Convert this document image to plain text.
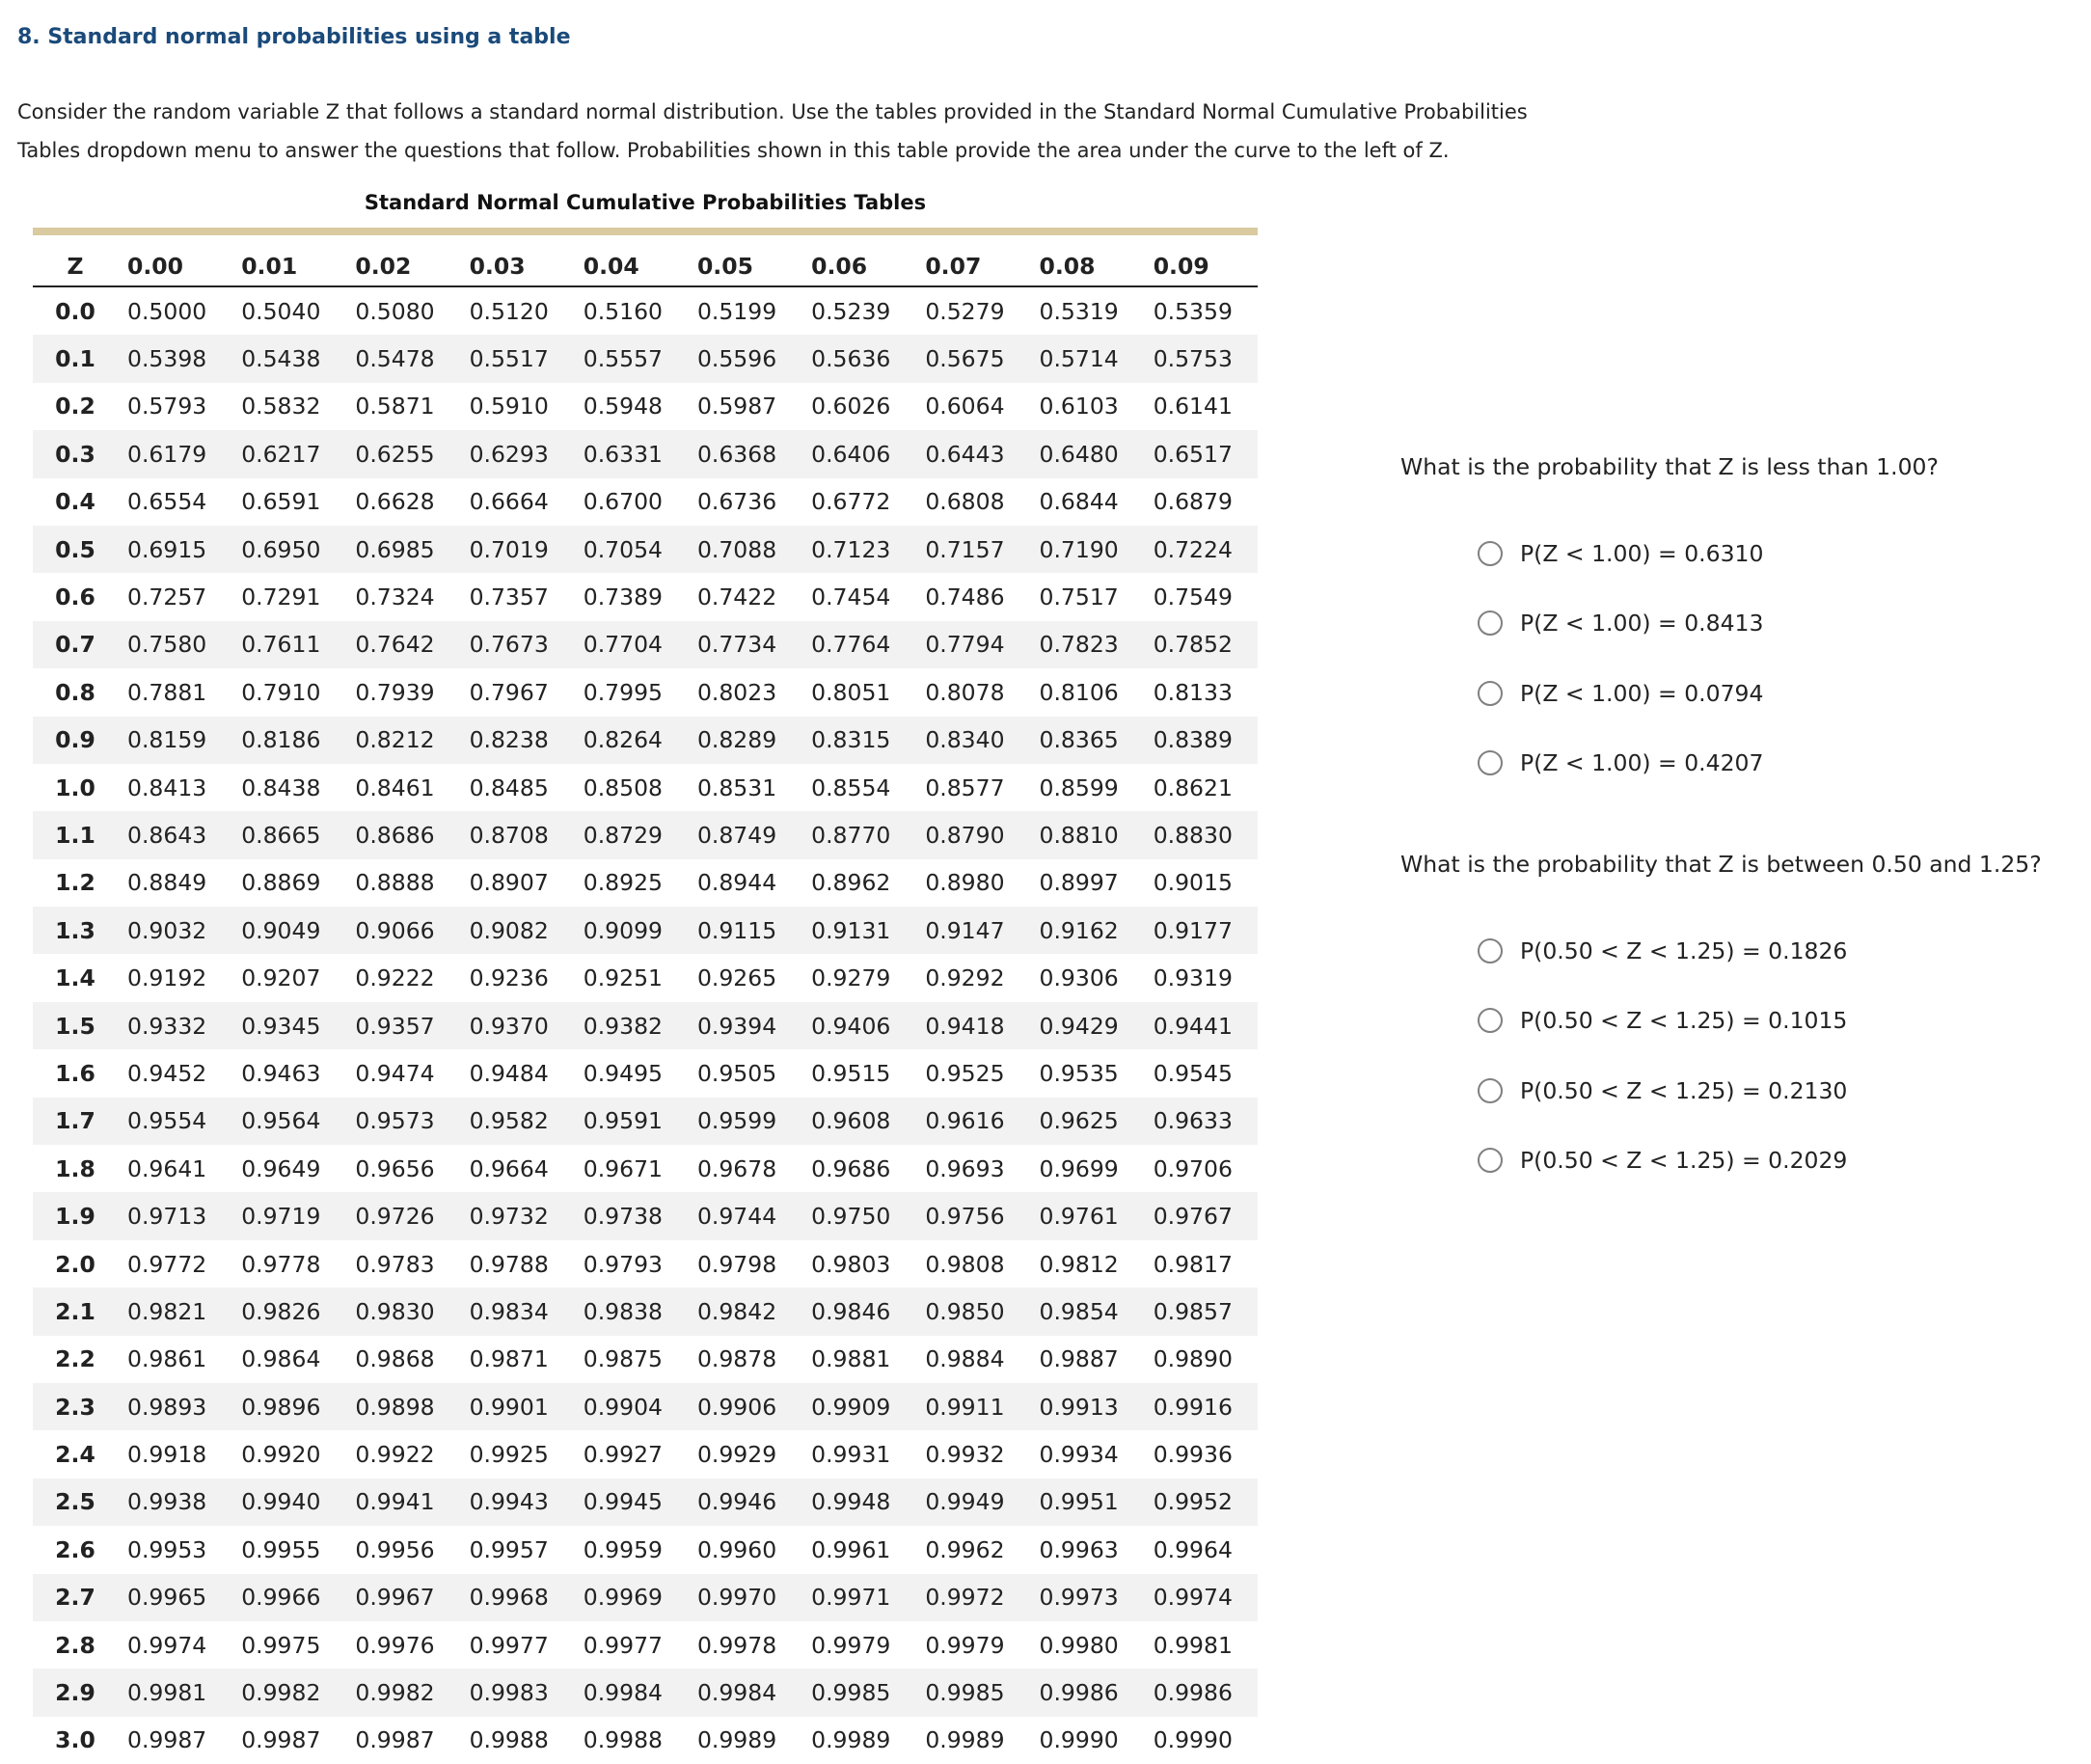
8. Standard normal probabilities using a table
Consider the random variable Z that follows a standard normal distribution. Use the tables provided in the Standard Normal Cumulative Probabilities
Tables dropdown menu to answer the questions that follow. Probabilities shown in this table provide the area under the curve to the left of Z.
Standard Normal Cumulative Probabilities Tables
Z	0.00	0.01	0.02	0.03	0.04	0.05	0.06	0.07	0.08	0.09
0.0	0.5000	0.5040	0.5080	0.5120	0.5160	0.5199	0.5239	0.5279	0.5319	0.5359
0.1	0.5398	0.5438	0.5478	0.5517	0.5557	0.5596	0.5636	0.5675	0.5714	0.5753
0.2	0.5793	0.5832	0.5871	0.5910	0.5948	0.5987	0.6026	0.6064	0.6103	0.6141
0.3	0.6179	0.6217	0.6255	0.6293	0.6331	0.6368	0.6406	0.6443	0.6480	0.6517
0.4	0.6554	0.6591	0.6628	0.6664	0.6700	0.6736	0.6772	0.6808	0.6844	0.6879
0.5	0.6915	0.6950	0.6985	0.7019	0.7054	0.7088	0.7123	0.7157	0.7190	0.7224
0.6	0.7257	0.7291	0.7324	0.7357	0.7389	0.7422	0.7454	0.7486	0.7517	0.7549
0.7	0.7580	0.7611	0.7642	0.7673	0.7704	0.7734	0.7764	0.7794	0.7823	0.7852
0.8	0.7881	0.7910	0.7939	0.7967	0.7995	0.8023	0.8051	0.8078	0.8106	0.8133
0.9	0.8159	0.8186	0.8212	0.8238	0.8264	0.8289	0.8315	0.8340	0.8365	0.8389
1.0	0.8413	0.8438	0.8461	0.8485	0.8508	0.8531	0.8554	0.8577	0.8599	0.8621
1.1	0.8643	0.8665	0.8686	0.8708	0.8729	0.8749	0.8770	0.8790	0.8810	0.8830
1.2	0.8849	0.8869	0.8888	0.8907	0.8925	0.8944	0.8962	0.8980	0.8997	0.9015
1.3	0.9032	0.9049	0.9066	0.9082	0.9099	0.9115	0.9131	0.9147	0.9162	0.9177
1.4	0.9192	0.9207	0.9222	0.9236	0.9251	0.9265	0.9279	0.9292	0.9306	0.9319
1.5	0.9332	0.9345	0.9357	0.9370	0.9382	0.9394	0.9406	0.9418	0.9429	0.9441
1.6	0.9452	0.9463	0.9474	0.9484	0.9495	0.9505	0.9515	0.9525	0.9535	0.9545
1.7	0.9554	0.9564	0.9573	0.9582	0.9591	0.9599	0.9608	0.9616	0.9625	0.9633
1.8	0.9641	0.9649	0.9656	0.9664	0.9671	0.9678	0.9686	0.9693	0.9699	0.9706
1.9	0.9713	0.9719	0.9726	0.9732	0.9738	0.9744	0.9750	0.9756	0.9761	0.9767
2.0	0.9772	0.9778	0.9783	0.9788	0.9793	0.9798	0.9803	0.9808	0.9812	0.9817
2.1	0.9821	0.9826	0.9830	0.9834	0.9838	0.9842	0.9846	0.9850	0.9854	0.9857
2.2	0.9861	0.9864	0.9868	0.9871	0.9875	0.9878	0.9881	0.9884	0.9887	0.9890
2.3	0.9893	0.9896	0.9898	0.9901	0.9904	0.9906	0.9909	0.9911	0.9913	0.9916
2.4	0.9918	0.9920	0.9922	0.9925	0.9927	0.9929	0.9931	0.9932	0.9934	0.9936
2.5	0.9938	0.9940	0.9941	0.9943	0.9945	0.9946	0.9948	0.9949	0.9951	0.9952
2.6	0.9953	0.9955	0.9956	0.9957	0.9959	0.9960	0.9961	0.9962	0.9963	0.9964
2.7	0.9965	0.9966	0.9967	0.9968	0.9969	0.9970	0.9971	0.9972	0.9973	0.9974
2.8	0.9974	0.9975	0.9976	0.9977	0.9977	0.9978	0.9979	0.9979	0.9980	0.9981
2.9	0.9981	0.9982	0.9982	0.9983	0.9984	0.9984	0.9985	0.9985	0.9986	0.9986
3.0	0.9987	0.9987	0.9987	0.9988	0.9988	0.9989	0.9989	0.9989	0.9990	0.9990
What is the probability that Z is less than 1.00?
P(Z < 1.00) = 0.6310
P(Z < 1.00) = 0.8413
P(Z < 1.00) = 0.0794
P(Z < 1.00) = 0.4207
What is the probability that Z is between 0.50 and 1.25?
P(0.50 < Z < 1.25) = 0.1826
P(0.50 < Z < 1.25) = 0.1015
P(0.50 < Z < 1.25) = 0.2130
P(0.50 < Z < 1.25) = 0.2029
